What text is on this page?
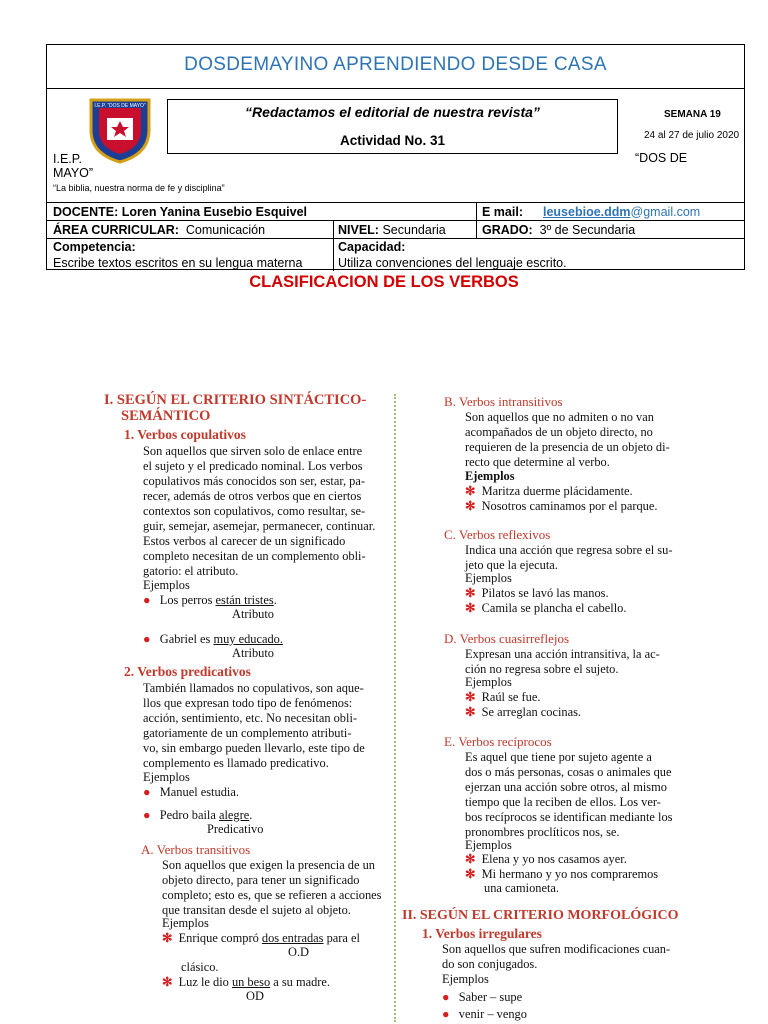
DOSDEMAYINO APRENDIENDO DESDE CASA
I.E.P. “DOS DE MAYO”	“Redactamos el editorial de nuestra revista”
Actividad No. 31
SEMANA 19
24 al 27 de julio 2020
I.E.P.	“DOS DE
MAYO”
“La biblia, nuestra norma de fe y disciplina”
DOCENTE: Loren Yanina Eusebio Esquivel	E mail: leusebioe.ddm@gmail.com
ÁREA CURRICULAR: Comunicación	NIVEL: Secundaria	GRADO: 3º de Secundaria
Competencia:
Escribe textos escritos en su lengua materna
Capacidad:
Utiliza convenciones del lenguaje escrito.
CLASIFICACION DE LOS VERBOS
I. SEGÚN EL CRITERIO SINTÁCTICO-
SEMÁNTICO
1. Verbos copulativos
Son aquellos que sirven solo de enlace entre
el sujeto y el predicado nominal. Los verbos
copulativos más conocidos son ser, estar, pa-
recer, además de otros verbos que en ciertos
contextos son copulativos, como resultar, se-
guir, semejar, asemejar, permanecer, continuar.
Estos verbos al carecer de un significado
completo necesitan de un complemento obli-
gatorio: el atributo.
Ejemplos
● Los perros están tristes.
Atributo
● Gabriel es muy educado.
Atributo
2. Verbos predicativos
También llamados no copulativos, son aque-
llos que expresan todo tipo de fenómenos:
acción, sentimiento, etc. No necesitan obli-
gatoriamente de un complemento atributi-
vo, sin embargo pueden llevarlo, este tipo de
complemento es llamado predicativo.
Ejemplos
● Manuel estudia.
● Pedro baila alegre.
Predicativo
A. Verbos transitivos
Son aquellos que exigen la presencia de un
objeto directo, para tener un significado
completo; esto es, que se refieren a acciones
que transitan desde el sujeto al objeto.
Ejemplos
✻ Enrique compró dos entradas para el
O.D
clásico.
✻ Luz le dio un beso a su madre.
OD
B. Verbos intransitivos
Son aquellos que no admiten o no van
acompañados de un objeto directo, no
requieren de la presencia de un objeto di-
recto que determine al verbo.
Ejemplos
✻ Maritza duerme plácidamente.
✻ Nosotros caminamos por el parque.
C. Verbos reflexivos
Indica una acción que regresa sobre el su-
jeto que la ejecuta.
Ejemplos
✻ Pilatos se lavó las manos.
✻ Camila se plancha el cabello.
D. Verbos cuasirreflejos
Expresan una acción intransitiva, la ac-
ción no regresa sobre el sujeto.
Ejemplos
✻ Raúl se fue.
✻ Se arreglan cocinas.
E. Verbos recíprocos
Es aquel que tiene por sujeto agente a
dos o más personas, cosas o animales que
ejerzan una acción sobre otros, al mismo
tiempo que la reciben de ellos. Los ver-
bos recíprocos se identifican mediante los
pronombres proclíticos nos, se.
Ejemplos
✻ Elena y yo nos casamos ayer.
✻ Mi hermano y yo nos compraremos
una camioneta.
II. SEGÚN EL CRITERIO MORFOLÓGICO
1. Verbos irregulares
Son aquellos que sufren modificaciones cuan-
do son conjugados.
Ejemplos
● Saber – supe
● venir – vengo
